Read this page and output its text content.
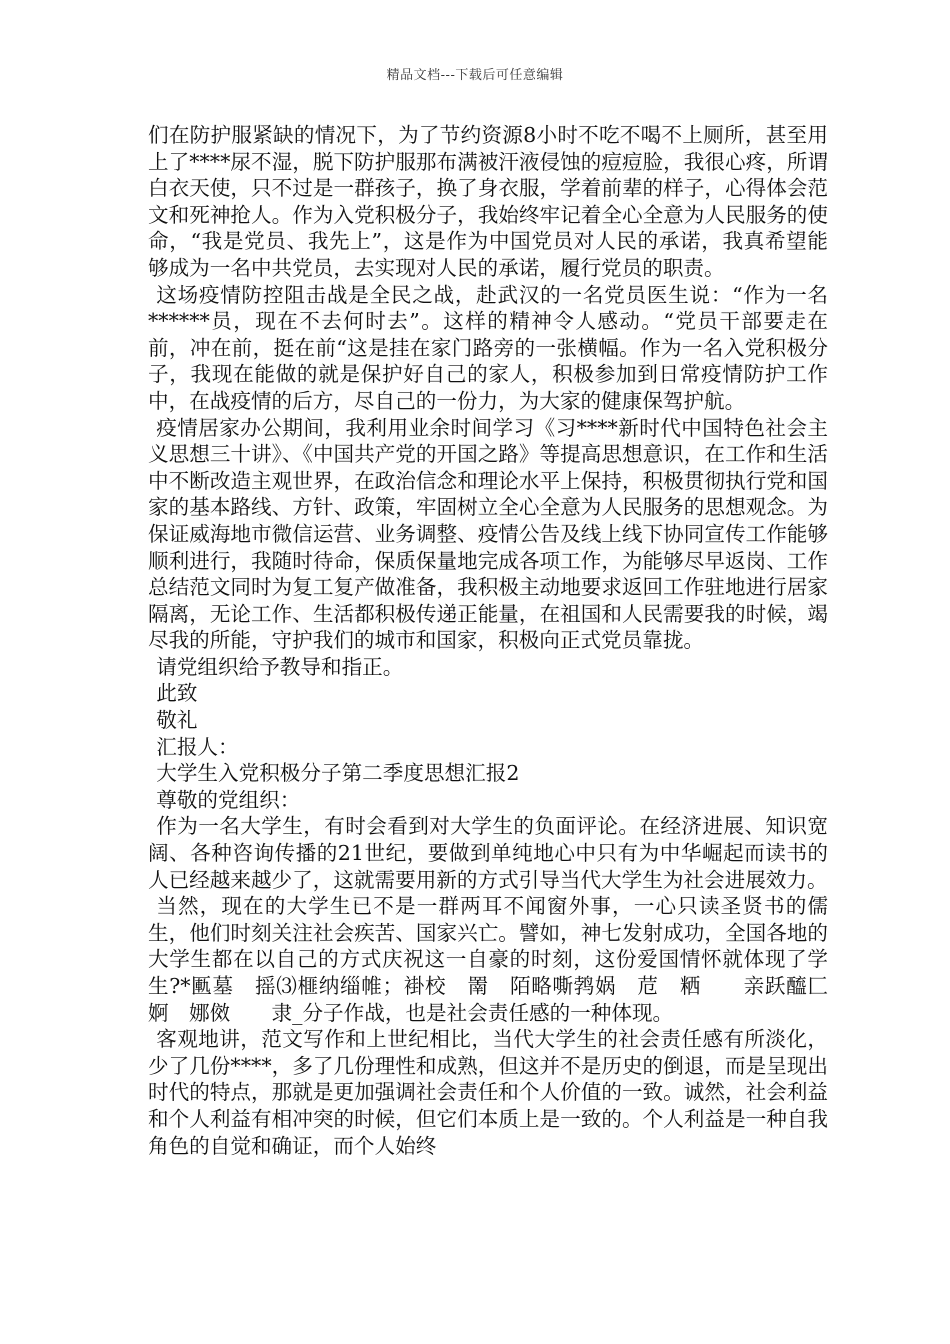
精品文档---下载后可任意编辑

们在防护服紧缺的情况下，为了节约资源8小时不吃不喝不上厕所，甚至用上了****尿不湿，脱下防护服那布满被汗液侵蚀的痘痘脸，我很心疼，所谓白衣天使，只不过是一群孩子，换了身衣服，学着前辈的样子，心得体会范文和死神抢人。作为入党积极分子，我始终牢记着全心全意为人民服务的使命，“我是党员、我先上”，这是作为中国党员对人民的承诺，我真希望能够成为一名中共党员，去实现对人民的承诺，履行党员的职责。

这场疫情防控阻击战是全民之战，赴武汉的一名党员医生说：“作为一名******员，现在不去何时去”。这样的精神令人感动。“党员干部要走在前，冲在前，挺在前“这是挂在家门路旁的一张横幅。作为一名入党积极分子，我现在能做的就是保护好自己的家人，积极参加到日常疫情防护工作中，在战疫情的后方，尽自己的一份力，为大家的健康保驾护航。

疫情居家办公期间，我利用业余时间学习《习****新时代中国特色社会主义思想三十讲》、《中国共产党的开国之路》等提高思想意识，在工作和生活中不断改造主观世界，在政治信念和理论水平上保持，积极贯彻执行党和国家的基本路线、方针、政策，牢固树立全心全意为人民服务的思想观念。为保证威海地市微信运营、业务调整、疫情公告及线上线下协同宣传工作能够顺利进行，我随时待命，保质保量地完成各项工作，为能够尽早返岗、工作总结范文同时为复工复产做准备，我积极主动地要求返回工作驻地进行居家隔离，无论工作、生活都积极传递正能量，在祖国和人民需要我的时候，竭尽我的所能，守护我们的城市和国家，积极向正式党员靠拢。

请党组织给予教导和指正。

此致

敬礼

汇报人：

大学生入党积极分子第二季度思想汇报2

尊敬的党组织：

作为一名大学生，有时会看到对大学生的负面评论。在经济进展、知识宽阔、各种咨询传播的21世纪，要做到单纯地心中只有为中华崛起而读书的人已经越来越少了，这就需要用新的方式引导当代大学生为社会进展效力。

当然，现在的大学生已不是一群两耳不闻窗外事，一心只读圣贤书的儒生，他们时刻关注社会疾苦、国家兴亡。譬如，神七发射成功，全国各地的大学生都在以自己的方式庆祝这一自豪的时刻，这份爱国情怀就体现了学生?*匭墓　摇⑶榧纳缁帷；褂校　罱　陌略嘶鹁娲　苊　粞　　亲跃醯匚　婀　娜傚　　隶_分子作战，也是社会责任感的一种体现。

客观地讲，范文写作和上世纪相比，当代大学生的社会责任感有所淡化，少了几份****，多了几份理性和成熟，但这并不是历史的倒退，而是呈现出时代的特点，那就是更加强调社会责任和个人价值的一致。诚然，社会利益和个人利益有相冲突的时候，但它们本质上是一致的。个人利益是一种自我角色的自觉和确证，而个人始终
